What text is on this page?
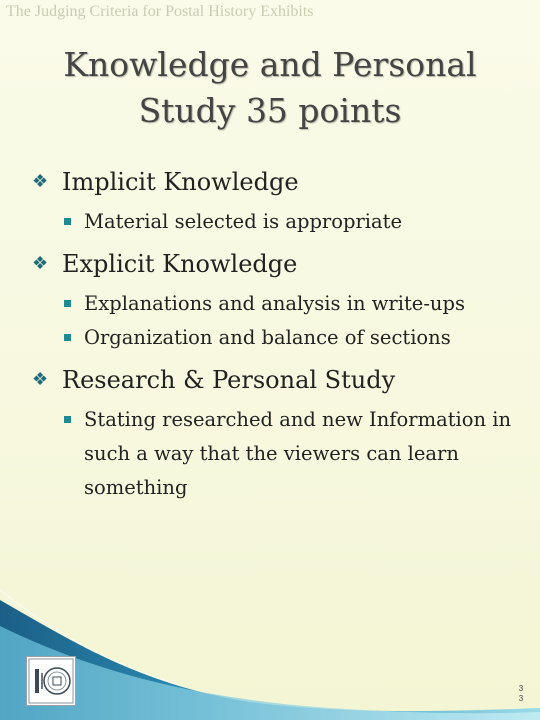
The Judging Criteria for Postal History Exhibits
Knowledge and Personal
Study 35 points
❖ Implicit Knowledge
Material selected is appropriate
❖ Explicit Knowledge
Explanations and analysis in write-ups
Organization and balance of sections
❖ Research & Personal Study
Stating researched and new Information in such a way that the viewers can learn something
3
3
